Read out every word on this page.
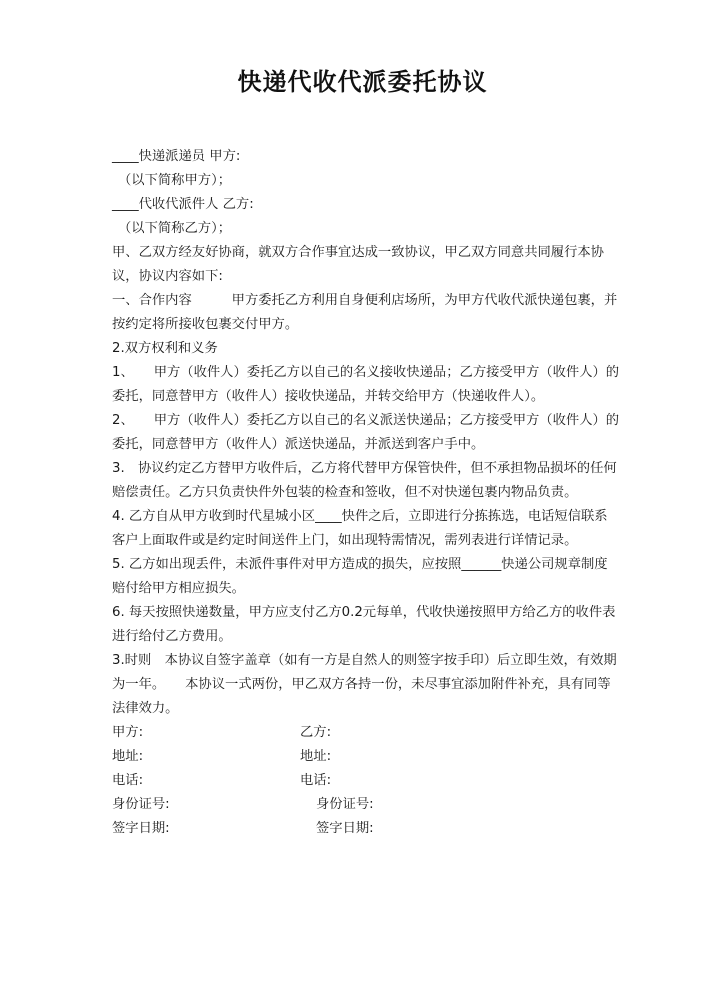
快递代收代派委托协议

____快递派递员 甲方:

（以下简称甲方）；

____代收代派件人 乙方:

（以下简称乙方）；

甲、乙双方经友好协商，就双方合作事宜达成一致协议，甲乙双方同意共同履行本协议，协议内容如下:

一、合作内容　　　甲方委托乙方利用自身便利店场所，为甲方代收代派快递包裹，并按约定将所接收包裹交付甲方。

2.双方权利和义务

1、　　甲方（收件人）委托乙方以自己的名义接收快递品；乙方接受甲方（收件人）的委托，同意替甲方（收件人）接收快递品，并转交给甲方（快递收件人）。

2、　　甲方（收件人）委托乙方以自己的名义派送快递品；乙方接受甲方（收件人）的委托，同意替甲方（收件人）派送快递品，并派送到客户手中。

3.　协议约定乙方替甲方收件后，乙方将代替甲方保管快件，但不承担物品损坏的任何赔偿责任。乙方只负责快件外包装的检查和签收，但不对快递包裹内物品负责。

4. 乙方自从甲方收到时代星城小区____快件之后，立即进行分拣拣选，电话短信联系客户上面取件或是约定时间送件上门，如出现特需情况，需列表进行详情记录。

5. 乙方如出现丢件，未派件事件对甲方造成的损失，应按照______快递公司规章制度赔付给甲方相应损失。

6. 每天按照快递数量，甲方应支付乙方0.2元每单，代收快递按照甲方给乙方的收件表进行给付乙方费用。

3.时则　本协议自签字盖章（如有一方是自然人的则签字按手印）后立即生效，有效期为一年。　　本协议一式两份，甲乙双方各持一份，未尽事宜添加附件补充，具有同等法律效力。

甲方:	乙方:
地址:	地址:
电话:	电话:
身份证号:	身份证号:
签字日期:	签字日期:
